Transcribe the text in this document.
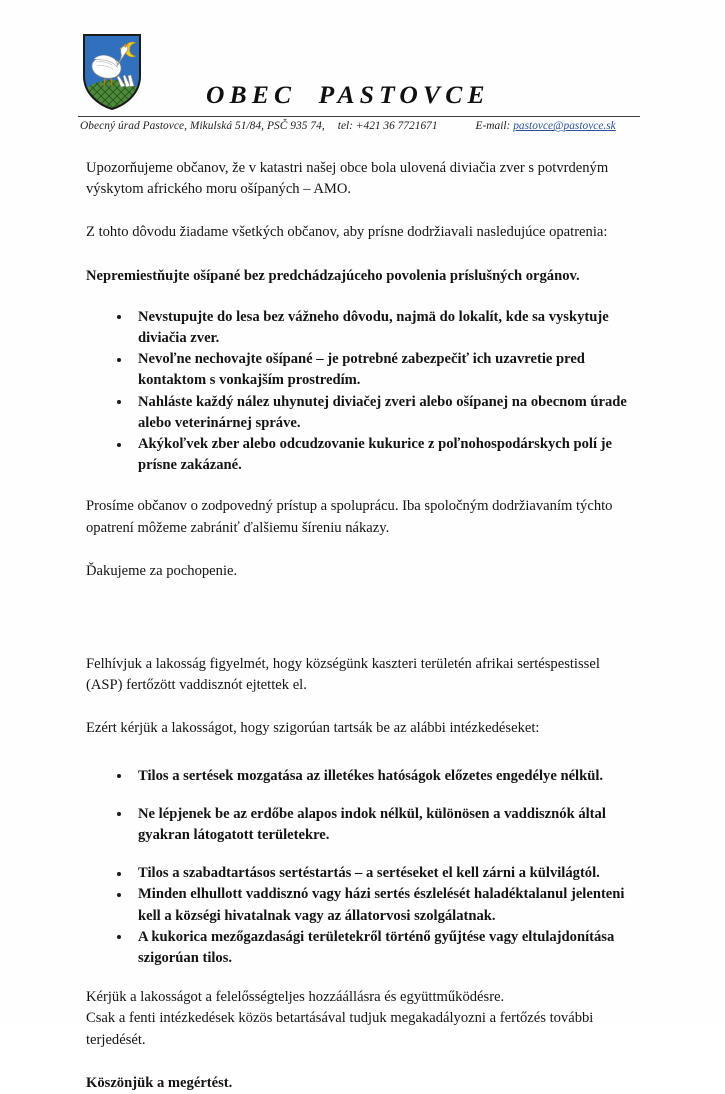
OBEC PASTOVCE
Obecný úrad Pastovce, Mikulská 51/84, PSČ 935 74, tel: +421 36 7721671	E-mail: pastovce@pastovce.sk

Upozorňujeme občanov, že v katastri našej obce bola ulovená diviačia zver s potvrdeným výskytom afrického moru ošípaných – AMO.

Z tohto dôvodu žiadame všetkých občanov, aby prísne dodržiavali nasledujúce opatrenia:

Nepremiestňujte ošípané bez predchádzajúceho povolenia príslušných orgánov.

Nevstupujte do lesa bez vážneho dôvodu, najmä do lokalít, kde sa vyskytuje diviačia zver.
Nevoľne nechovajte ošípané – je potrebné zabezpečiť ich uzavretie pred kontaktom s vonkajším prostredím.
Nahláste každý nález uhynutej diviačej zveri alebo ošípanej na obecnom úrade alebo veterinárnej správe.
Akýkoľvek zber alebo odcudzovanie kukurice z poľnohospodárskych polí je prísne zakázané.

Prosíme občanov o zodpovedný prístup a spoluprácu. Iba spoločným dodržiavaním týchto opatrení môžeme zabrániť ďalšiemu šíreniu nákazy.

Ďakujeme za pochopenie.

Felhívjuk a lakosság figyelmét, hogy községünk kaszteri területén afrikai sertéspestissel (ASP) fertőzött vaddisznót ejtettek el.

Ezért kérjük a lakosságot, hogy szigorúan tartsák be az alábbi intézkedéseket:

Tilos a sertések mozgatása az illetékes hatóságok előzetes engedélye nélkül.
Ne lépjenek be az erdőbe alapos indok nélkül, különösen a vaddisznók által gyakran látogatott területekre.
Tilos a szabadtartásos sertéstartás – a sertéseket el kell zárni a külvilágtól.
Minden elhullott vaddisznó vagy házi sertés észlelését haladéktalanul jelenteni kell a községi hivatalnak vagy az állatorvosi szolgálatnak.
A kukorica mezőgazdasági területekről történő gyűjtése vagy eltulajdonítása szigorúan tilos.

Kérjük a lakosságot a felelősségteljes hozzáállásra és együttműködésre.

Csak a fenti intézkedések közös betartásával tudjuk megakadályozni a fertőzés további terjedését.

Köszönjük a megértést.
